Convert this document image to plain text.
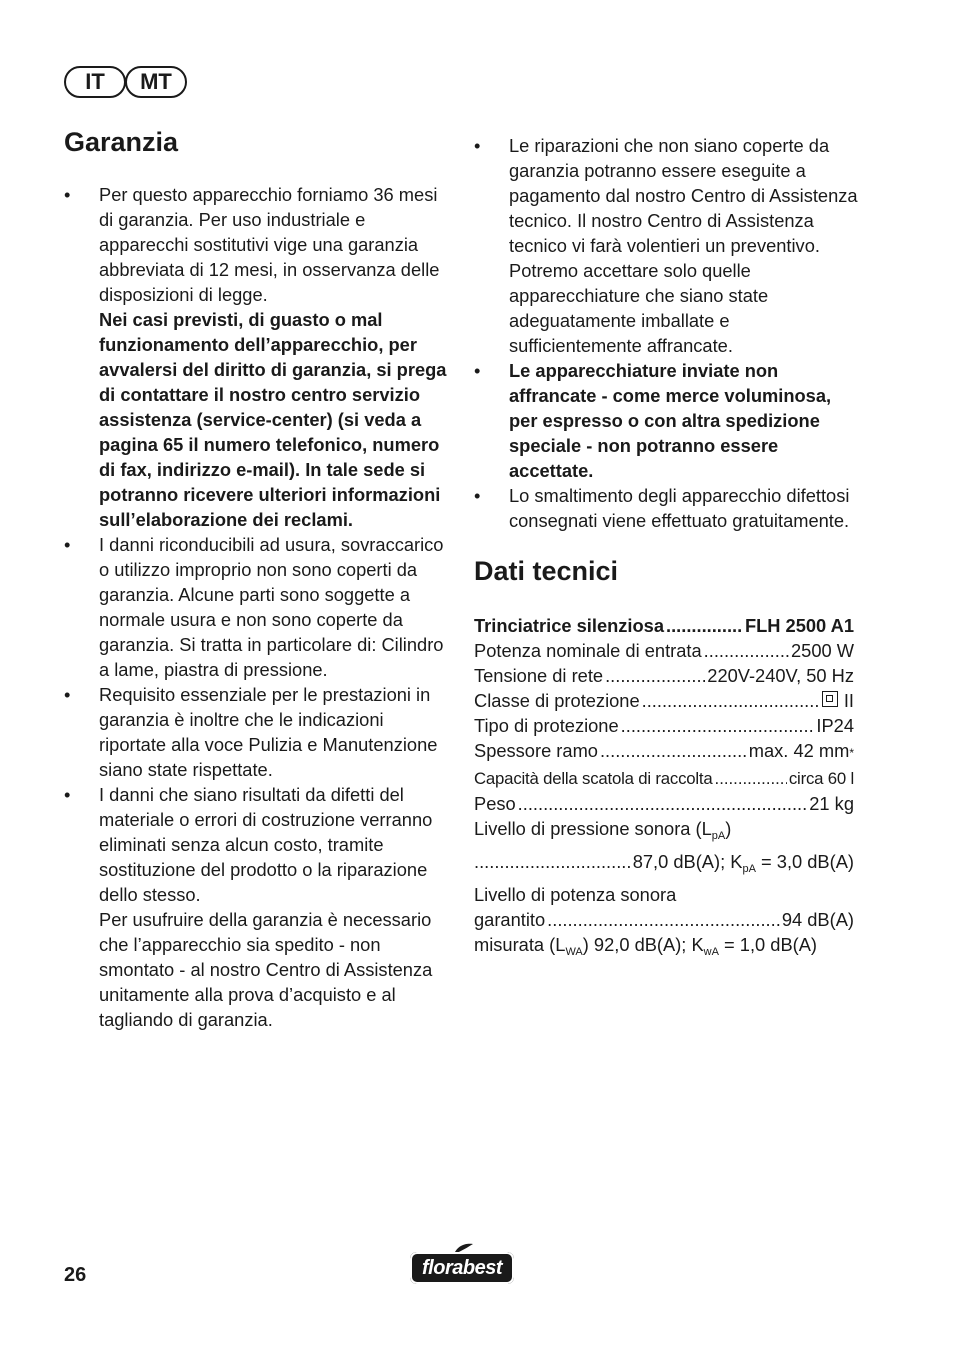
IT	MT
Garanzia
• Per questo apparecchio forniamo 36 mesi di garanzia. Per uso industriale e apparecchi sostitutivi vige una garanzia abbreviata di 12 mesi, in osservanza delle disposizioni di legge.

Nei casi previsti, di guasto o mal funzionamento dell’apparecchio, per avvalersi del diritto di garanzia, si prega di contattare il nostro centro servizio assistenza (service-center) (si veda a pagina 65 il numero telefonico, numero di fax, indirizzo e-mail). In tale sede si potranno ricevere ulteriori informazioni sull’elaborazione dei reclami.

• I danni riconducibili ad usura, sovraccarico o utilizzo improprio non sono coperti da garanzia. Alcune parti sono soggette a normale usura e non sono coperte da garanzia. Si tratta in particolare di: Cilindro a lame, piastra di pressione.

• Requisito essenziale per le prestazioni in garanzia è inoltre che le indicazioni riportate alla voce Pulizia e Manutenzione siano state rispettate.

• I danni che siano risultati da difetti del materiale o errori di costruzione verranno eliminati senza alcun costo, tramite sostituzione del prodotto o la riparazione dello stesso.

Per usufruire della garanzia è necessario che l’apparecchio sia spedito - non smontato - al nostro Centro di Assistenza unitamente alla prova d’acquisto e al tagliando di garanzia.

• Le riparazioni che non siano coperte da garanzia potranno essere eseguite a pagamento dal nostro Centro di Assistenza tecnico. Il nostro Centro di Assistenza tecnico vi farà volentieri un preventivo. Potremo accettare solo quelle apparecchiature che siano state adeguatamente imballate e sufficientemente affrancate.

• Le apparecchiature inviate non affrancate - come merce voluminosa, per espresso o con altra spedizione speciale - non potranno essere accettate.

• Lo smaltimento degli apparecchio difettosi consegnati viene effettuato gratuitamente.

Dati tecnici
Trinciatrice silenziosa .....	FLH 2500 A1
Potenza nominale di entrata .....	2500 W
Tensione di rete .....	220V-240V, 50 Hz
Classe di protezione .....	II
Tipo di protezione .....	IP24
Spessore ramo .....	max. 42 mm *
Capacità della scatola di raccolta .....	circa 60 l
Peso .....	21 kg
Livello di pressione sonora $(L_{pA})$
.....
87,0 dB(A); $K_{pA} = 3,0$ dB(A)
Livello di potenza sonora
garantito .....	94 dB(A)
misurata $(L_{WA})$ 92,0 dB(A); $K_{wA} = 1,0$ dB(A)
26	florabest
